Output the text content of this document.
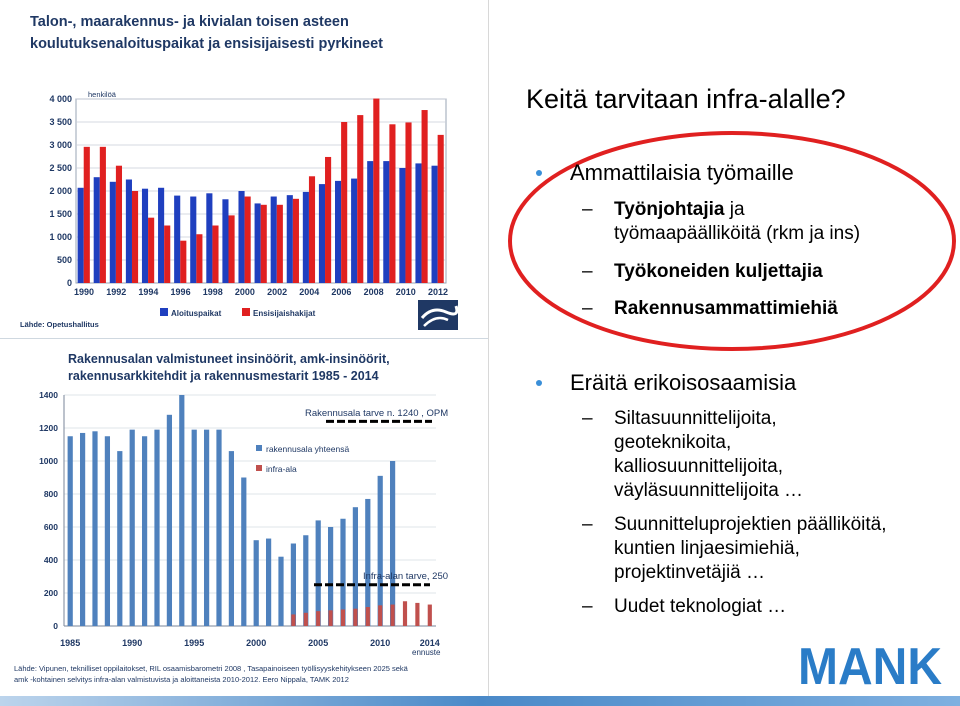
Talon-, maarakennus- ja kivialan toisen asteen
koulutuksenaloituspaikat ja ensisijaisesti pyrkineet
henkilöä
0
500
1 000
1 500
2 000
2 500
3 000
3 500
4 000
1990 1992 1994 1996 1998 2000 2002 2004 2006 2008 2010 2012
Aloituspaikat	Ensisijaishakijat
Lähde: Opetushallitus
Rakennusalan valmistuneet insinöörit, amk-insinöörit,
rakennusarkkitehdit ja rakennusmestarit 1985 - 2014
0
200
400
600
800
1000
1200
1400
1985	1990	1995	2000	2005	2010	2014
rakennusala yhteensä
infra-ala
Rakennusala tarve n. 1240 , OPM
Infra-alan tarve, 250
ennuste
Lähde: Vipunen, teknilliset oppilaitokset, RIL osaamisbarometri 2008 , Tasapainoiseen työllisyyskehitykseen 2025 sekä
amk -kohtainen selvitys infra-alan valmistuvista ja aloittaneista 2010-2012. Eero Nippala, TAMK 2012
Keitä tarvitaan infra-alalle?
Ammattilaisia työmaille
– Työnjohtajia ja
työmaapäälliköitä (rkm ja ins)
– Työkoneiden kuljettajia
– Rakennusammattimiehiä
Eräitä erikoisosaamisia
– Siltasuunnittelijoita,
geoteknikoita,
kalliosuunnittelijoita,
väyläsuunnittelijoita …
– Suunnitteluprojektien päälliköitä,
kuntien linjaesimiehiä,
projektinvetäjiä …
– Uudet teknologiat …
MANK
